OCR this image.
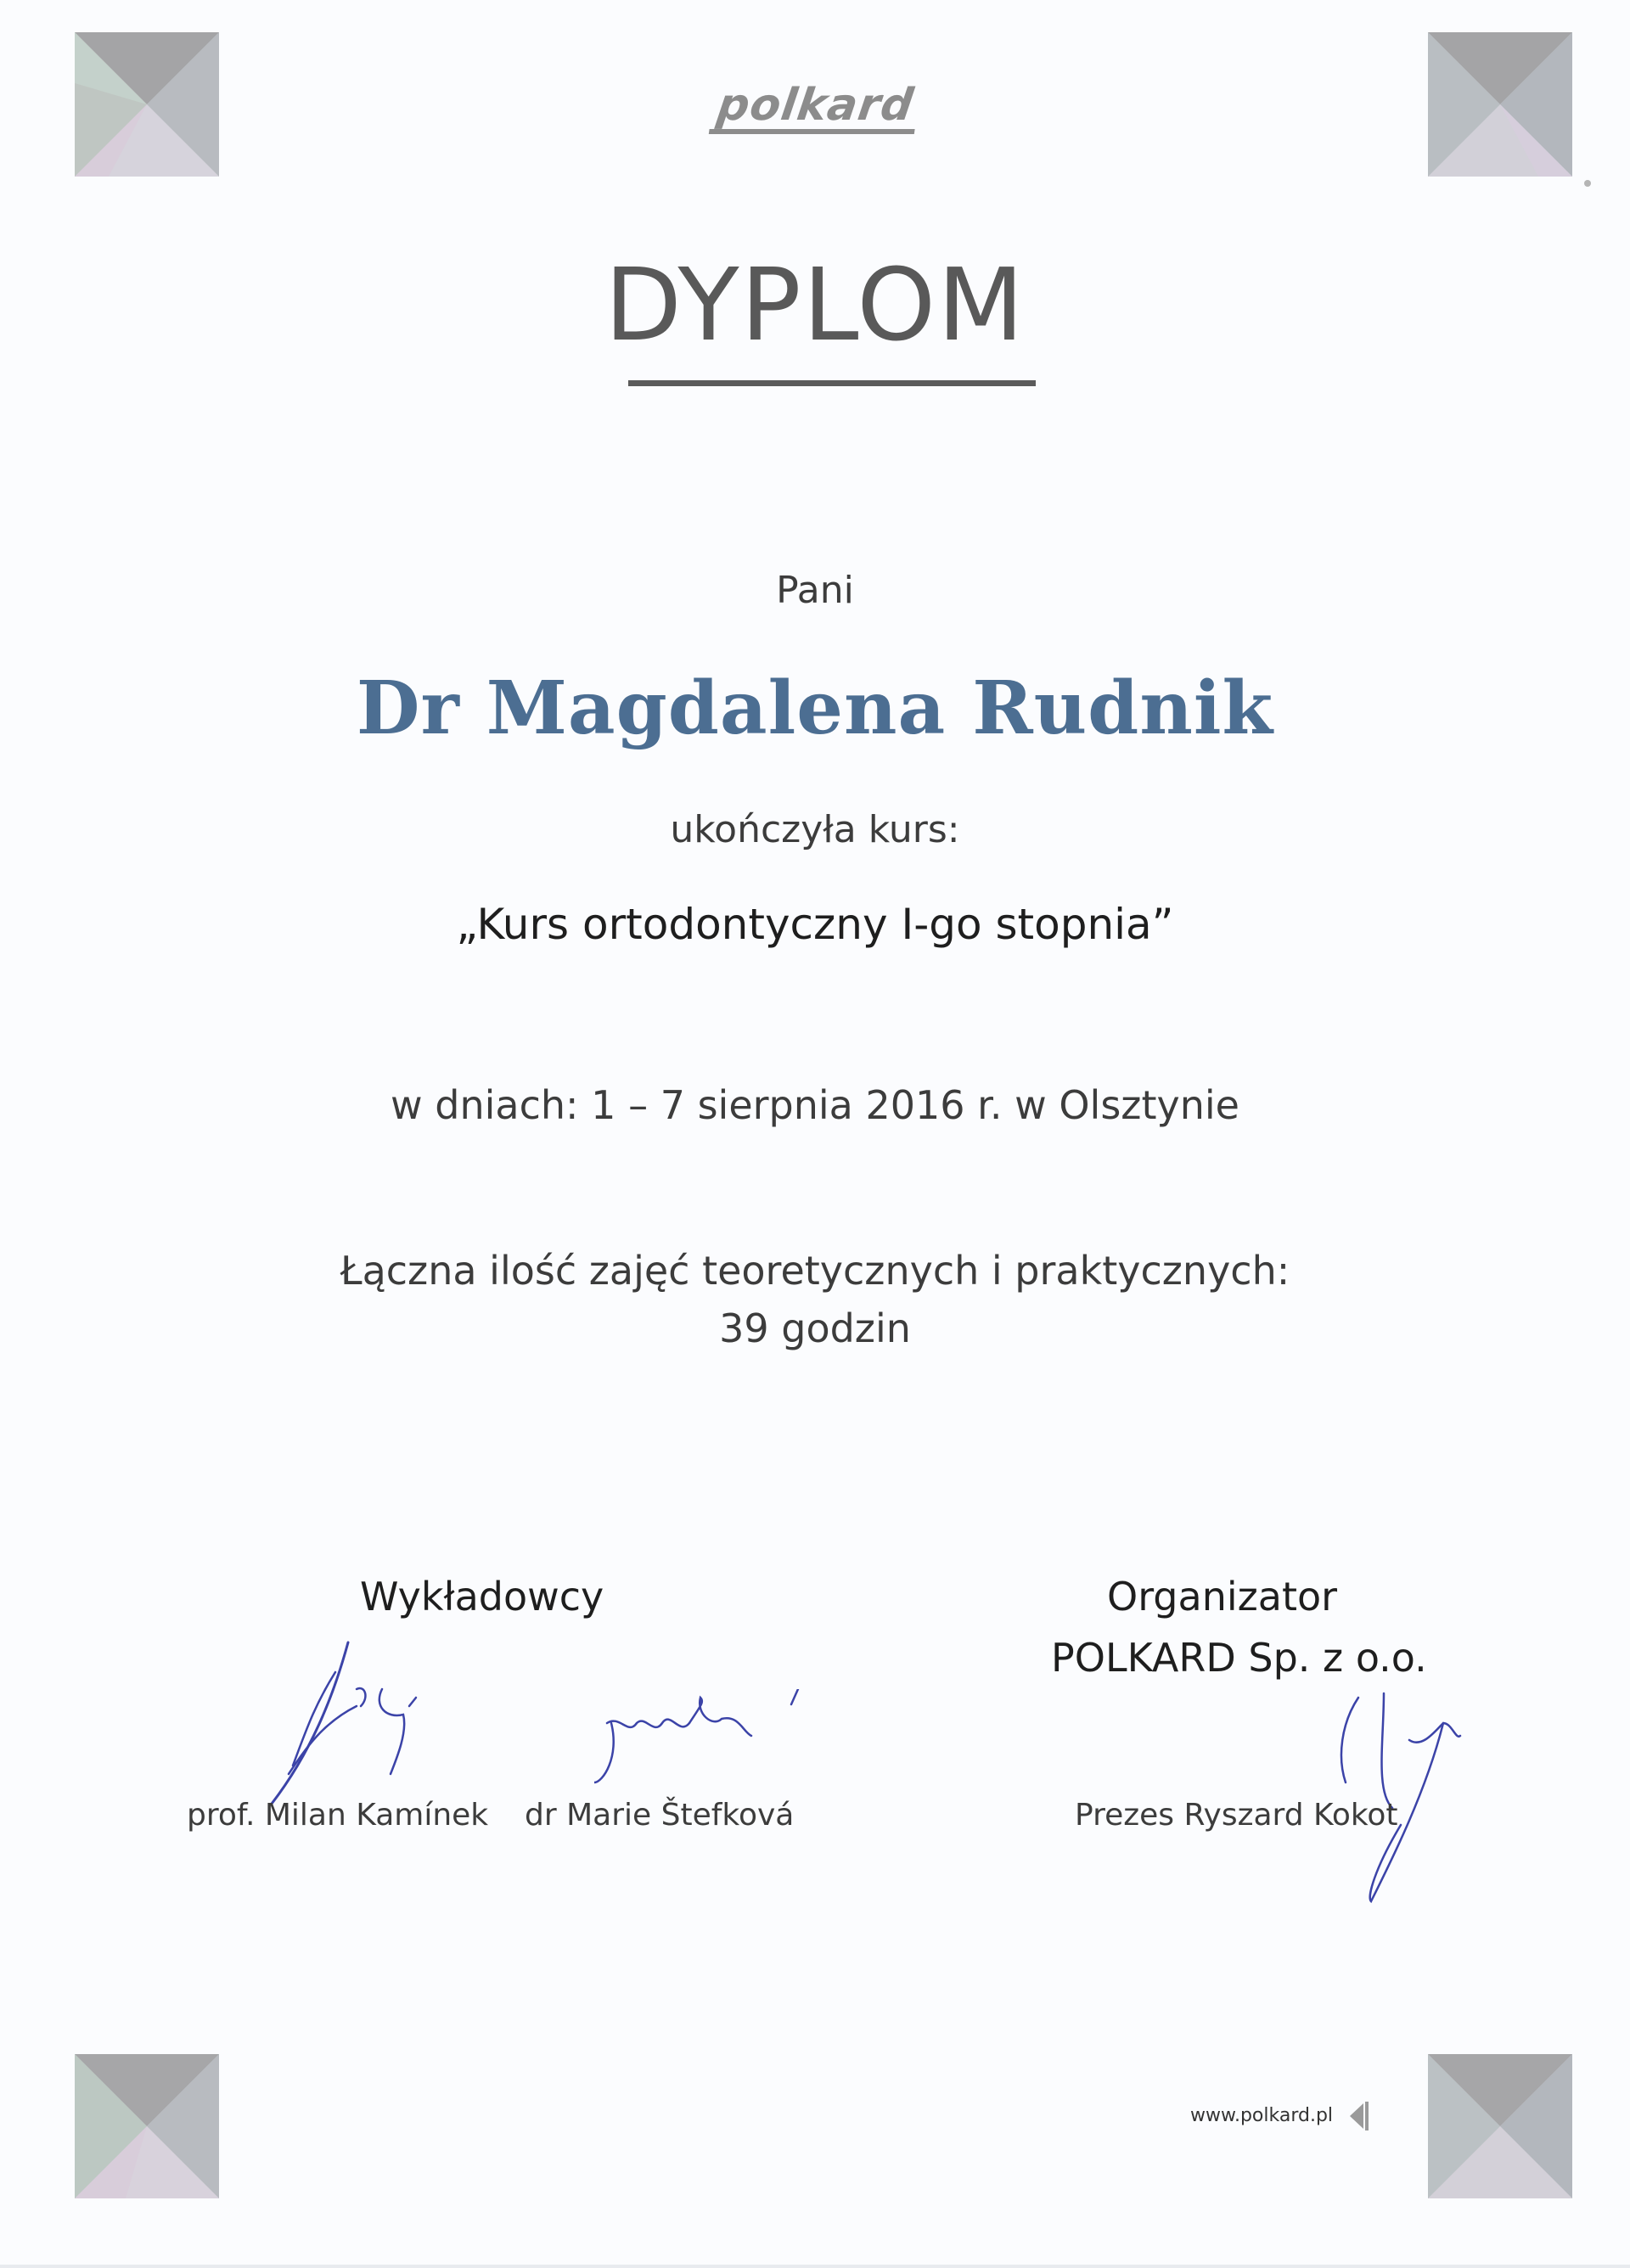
polkard
DYPLOM
Pani
Dr Magdalena Rudnik
ukończyła kurs:
„Kurs ortodontyczny I-go stopnia”
w dniach: 1 – 7 sierpnia 2016 r. w Olsztynie
Łączna ilość zajęć teoretycznych i praktycznych:
39 godzin
Wykładowcy	Organizator
POLKARD Sp. z o.o.
prof. Milan Kamínek dr Marie Štefková	Prezes Ryszard Kokot
www.polkard.pl
